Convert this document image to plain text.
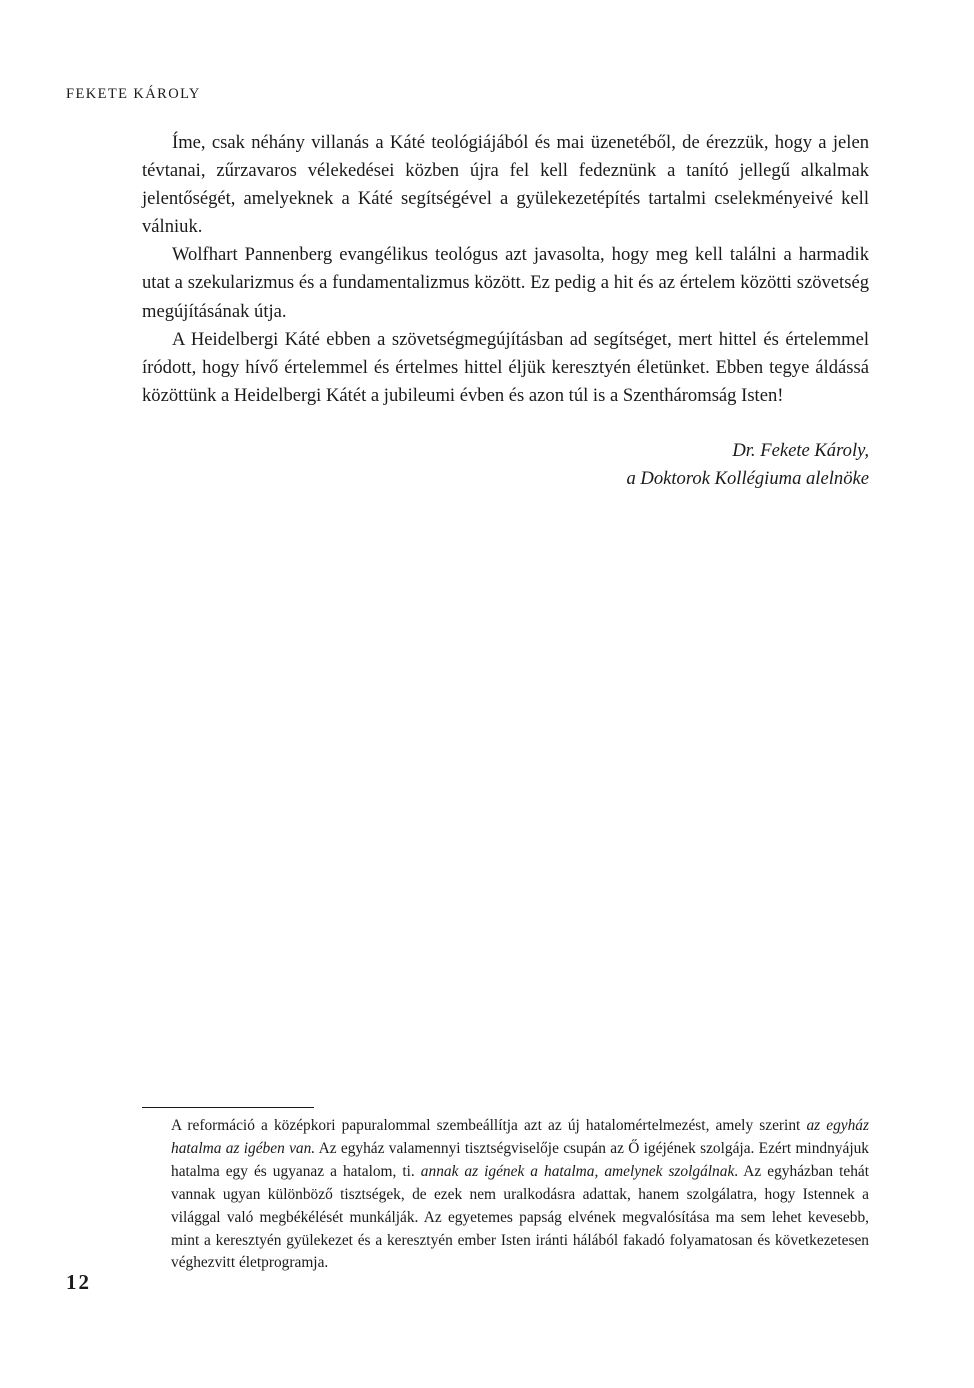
FEKETE KÁROLY

Íme, csak néhány villanás a Káté teológiájából és mai üzenetéből, de érezzük, hogy a jelen tévtanai, zűrzavaros vélekedései közben újra fel kell fedeznünk a tanító jellegű alkalmak jelentőségét, amelyeknek a Káté segítségével a gyülekezetépítés tartalmi cselekményeivé kell válniuk.

Wolfhart Pannenberg evangélikus teológus azt javasolta, hogy meg kell találni a harmadik utat a szekularizmus és a fundamentalizmus között. Ez pedig a hit és az értelem közötti szövetség megújításának útja.

A Heidelbergi Káté ebben a szövetségmegújításban ad segítséget, mert hittel és értelemmel íródott, hogy hívő értelemmel és értelmes hittel éljük keresztyén életünket. Ebben tegye áldássá közöttünk a Heidelbergi Kátét a jubileumi évben és azon túl is a Szentháromság Isten!

Dr. Fekete Károly,
a Doktorok Kollégiuma alelnöke
A reformáció a középkori papuralommal szembeállítja azt az új hatalomértelmezést, amely szerint az egyház hatalma az igében van. Az egyház valamennyi tisztségviselője csupán az Ő igéjének szolgája. Ezért mindnyájuk hatalma egy és ugyanaz a hatalom, ti. annak az igének a hatalma, amelynek szolgálnak. Az egyházban tehát vannak ugyan különböző tisztségek, de ezek nem uralkodásra adattak, hanem szolgálatra, hogy Istennek a világgal való megbékélését munkálják. Az egyetemes papság elvének megvalósítása ma sem lehet kevesebb, mint a keresztyén gyülekezet és a keresztyén ember Isten iránti hálából fakadó folyamatosan és következetesen véghezvitt életprogramja.
12
